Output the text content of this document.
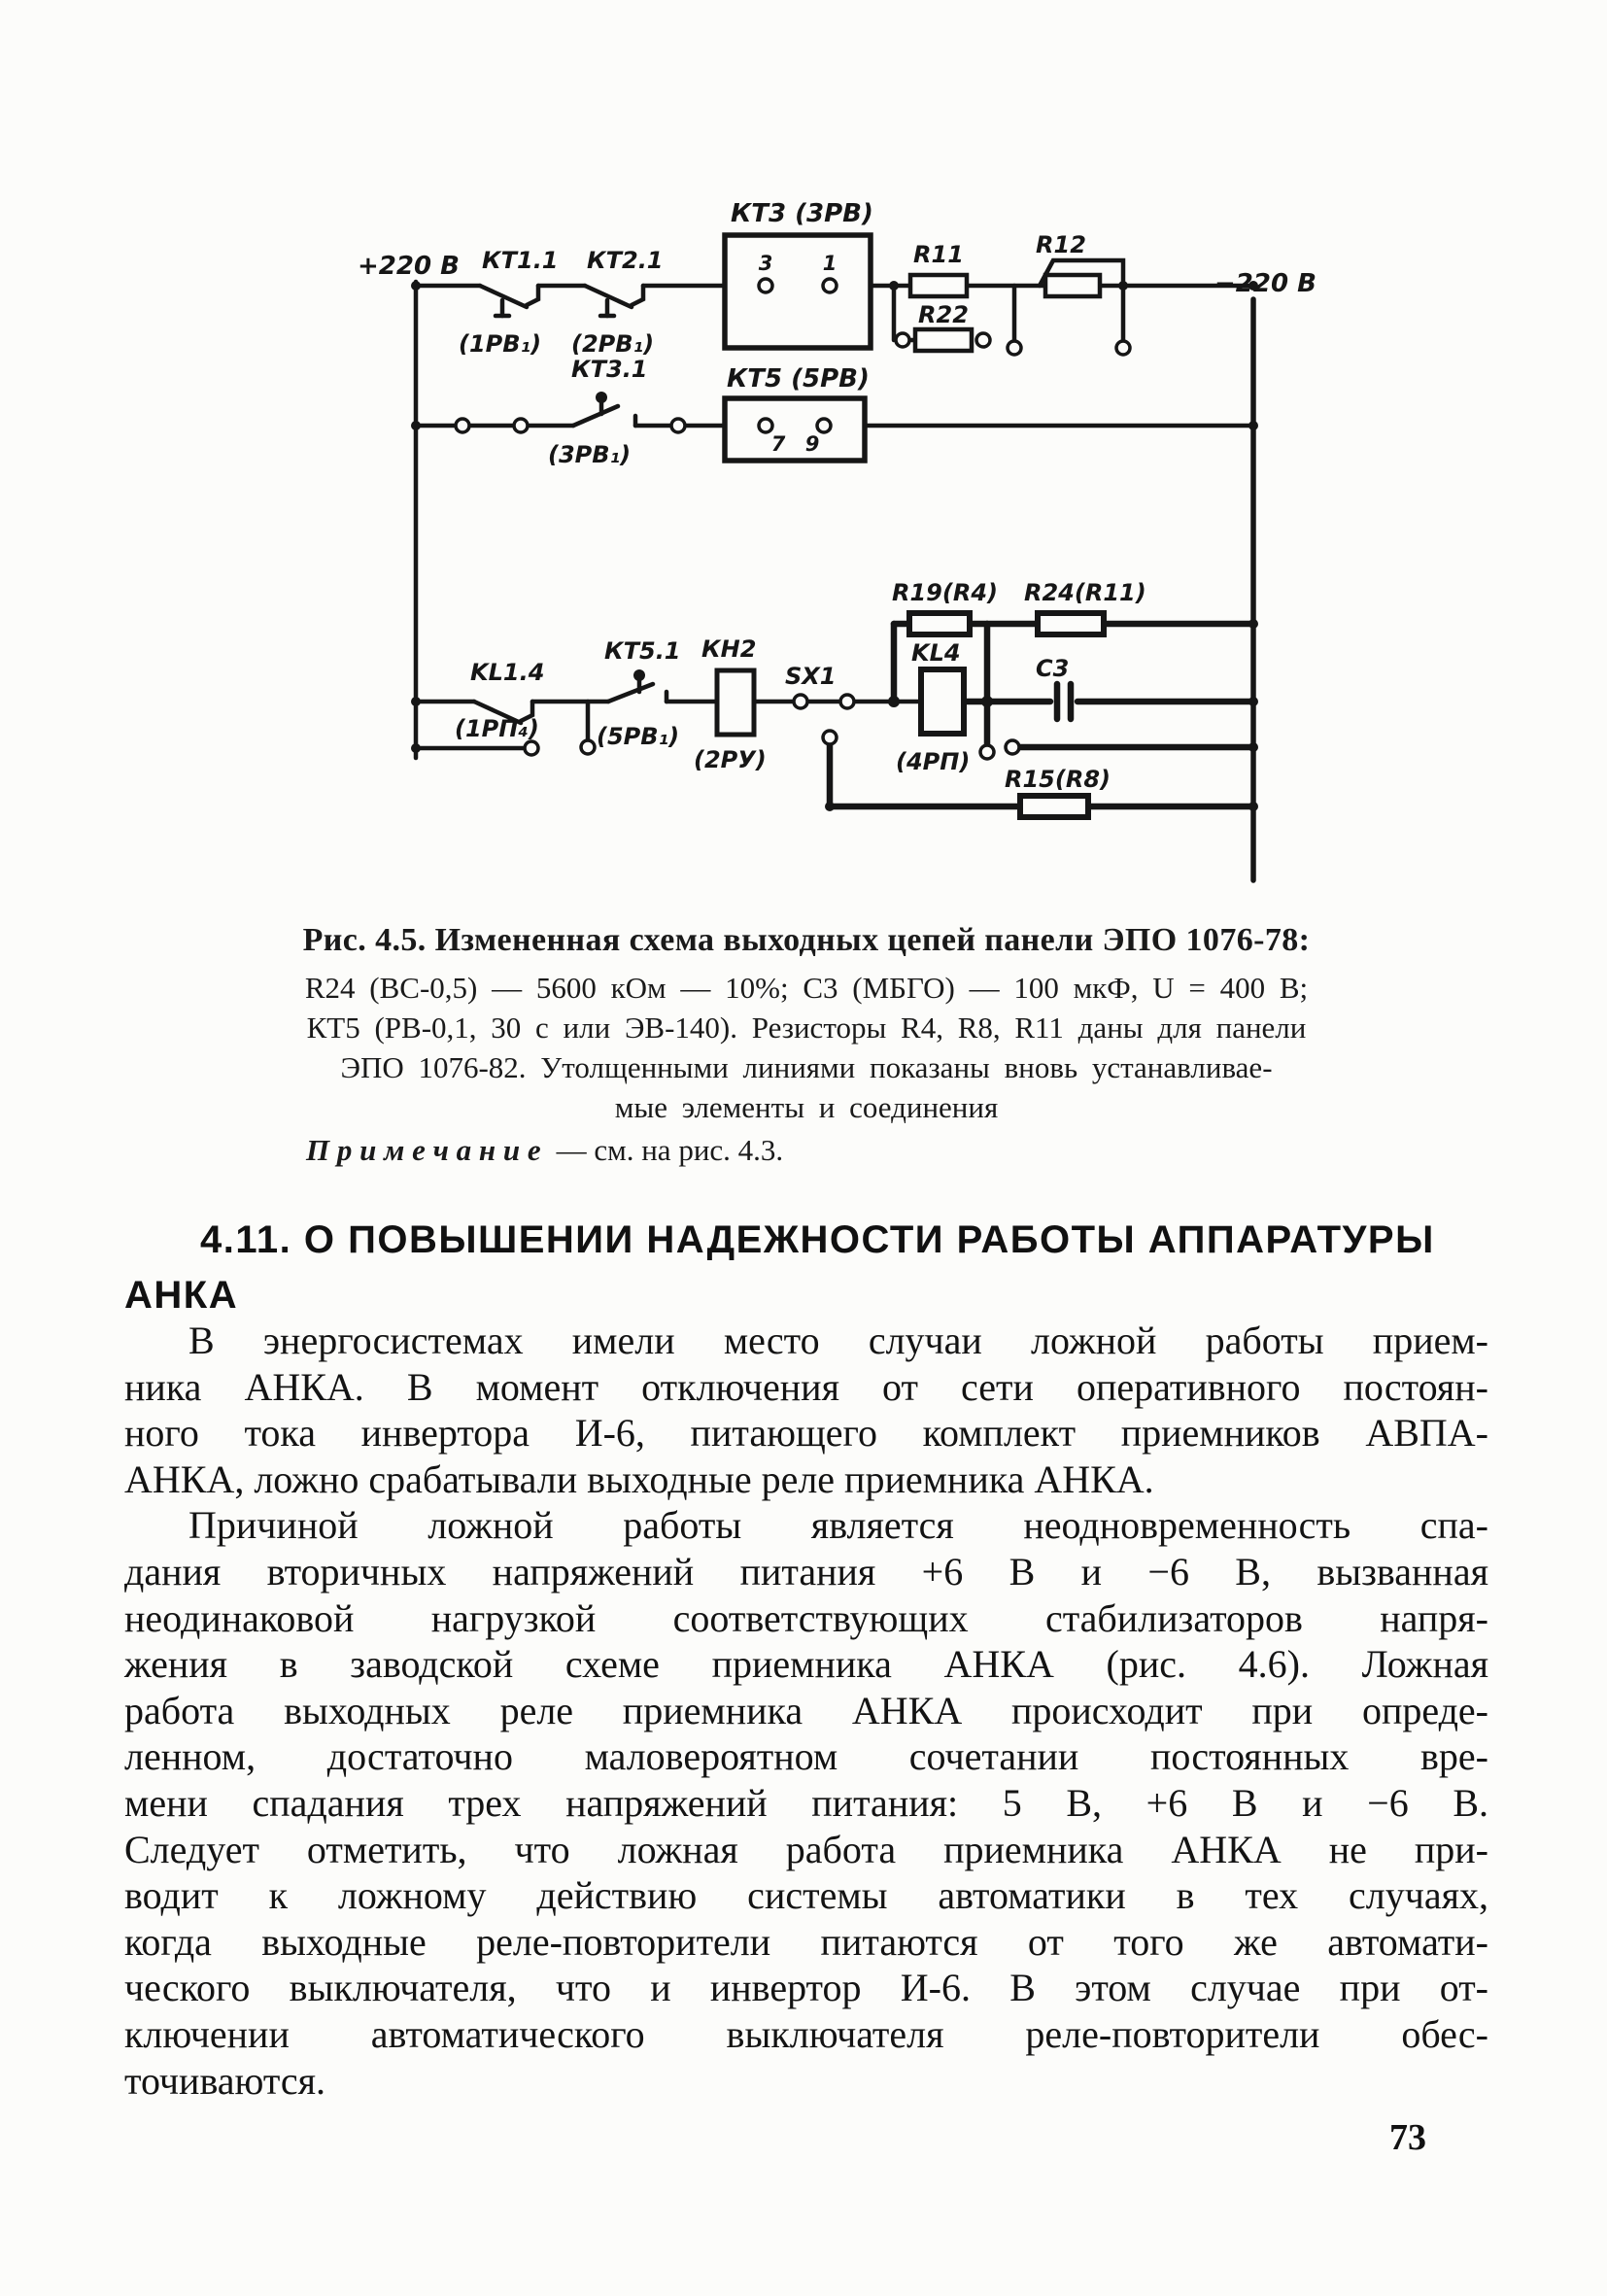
+220 В
−220 В
КТ1.1
(1РВ₁)
КТ2.1
(2РВ₁)
КТ3 (3РВ)
3 1	R11
R22
R12
КТ3.1
(3РВ₁)
КТ5 (5РВ)
7 9
KL1.4
(1РП₄)
КТ5.1
(5РВ₁)
КН2
(2РУ)
SX1
R19(R4) R24(R11)
KL4
(4РП)
С3
R15(R8)
Рис. 4.5. Измененная схема выходных цепей панели ЭПО 1076-78:
R24 (ВС-0,5) — 5600 кОм — 10%; С3 (МБГО) — 100 мкФ, U = 400 В;
КТ5 (РВ-0,1, 30 с или ЭВ-140). Резисторы R4, R8, R11 даны для панели
ЭПО 1076-82. Утолщенными линиями показаны вновь устанавливае-
мые элементы и соединения
П р и м е ч а н и е — см. на рис. 4.3.
4.11. О ПОВЫШЕНИИ НАДЕЖНОСТИ РАБОТЫ АППАРАТУРЫ
АНКА
В энергосистемах имели место случаи ложной работы прием-
ника АНКА. В момент отключения от сети оперативного постоян-
ного тока инвертора И-6, питающего комплект приемников АВПА-
АНКА, ложно срабатывали выходные реле приемника АНКА.
Причиной ложной работы является неодновременность спа-
дания вторичных напряжений питания +6 В и −6 В, вызванная
неодинаковой нагрузкой соответствующих стабилизаторов напря-
жения в заводской схеме приемника АНКА (рис. 4.6). Ложная
работа выходных реле приемника АНКА происходит при опреде-
ленном, достаточно маловероятном сочетании постоянных вре-
мени спадания трех напряжений питания: 5 В, +6 В и −6 В.
Следует отметить, что ложная работа приемника АНКА не при-
водит к ложному действию системы автоматики в тех случаях,
когда выходные реле-повторители питаются от того же автомати-
ческого выключателя, что и инвертор И-6. В этом случае при от-
ключении автоматического выключателя реле-повторители обес-
точиваются.
73
